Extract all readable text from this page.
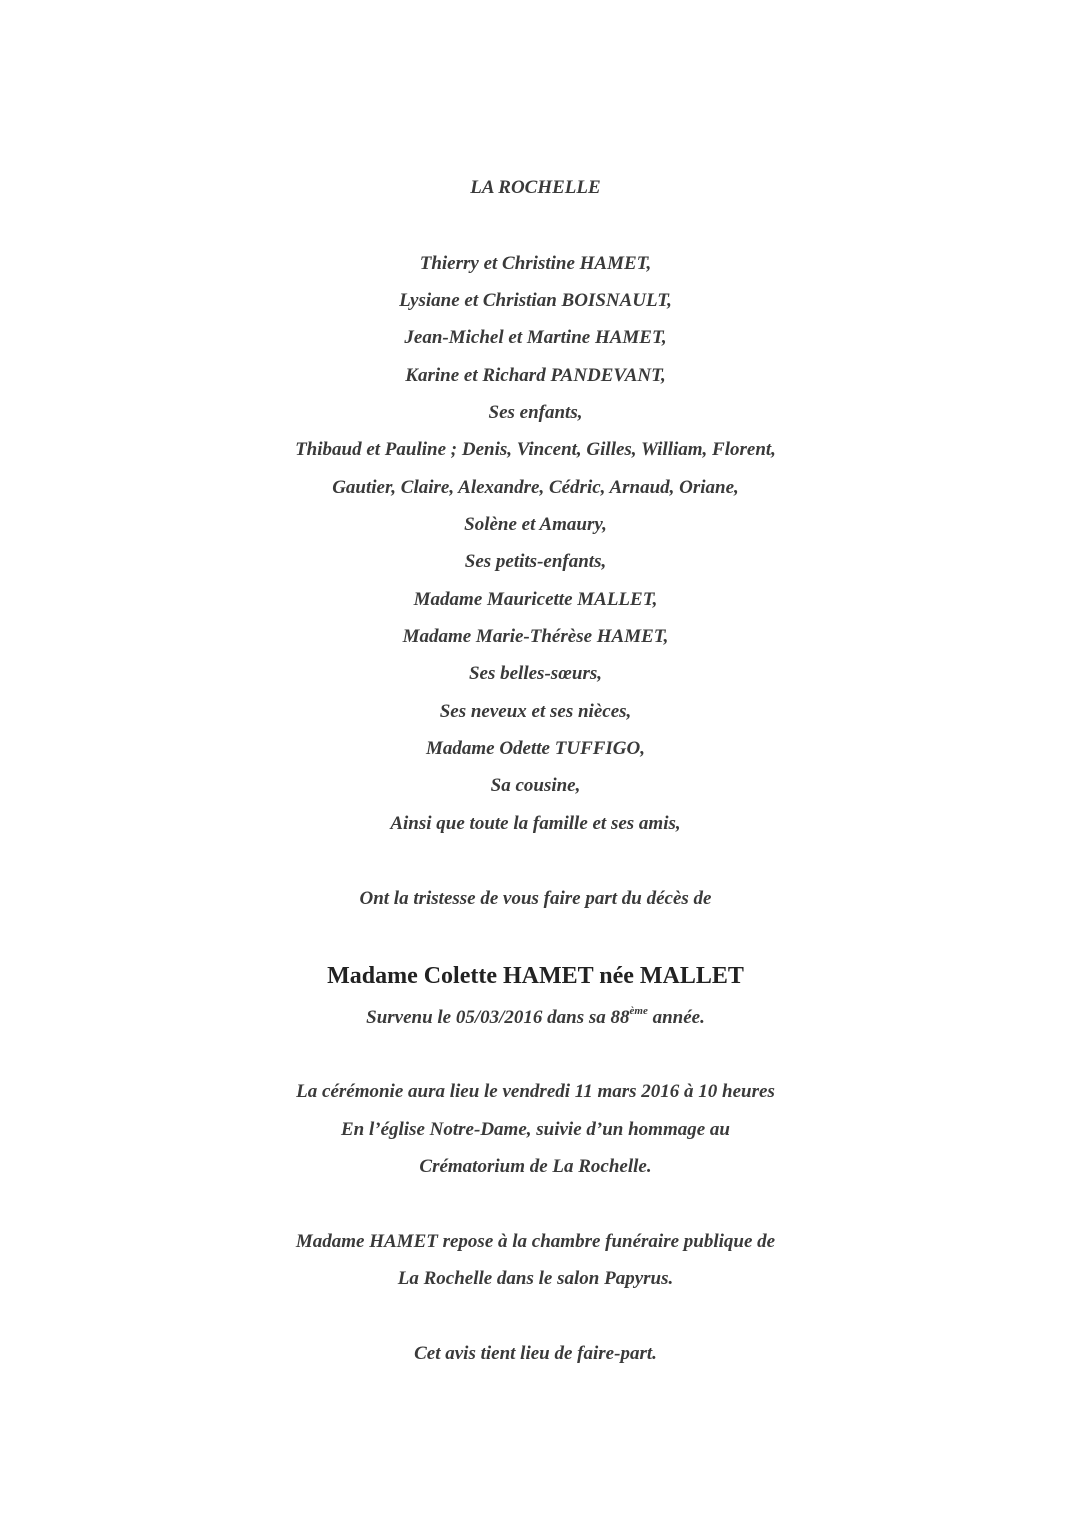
LA ROCHELLE
Thierry et Christine HAMET,
Lysiane et Christian BOISNAULT,
Jean-Michel et Martine HAMET,
Karine et Richard PANDEVANT,
Ses enfants,
Thibaud et Pauline ; Denis, Vincent, Gilles, William, Florent,
Gautier, Claire, Alexandre, Cédric, Arnaud, Oriane,
Solène et Amaury,
Ses petits-enfants,
Madame Mauricette MALLET,
Madame Marie-Thérèse HAMET,
Ses belles-sœurs,
Ses neveux et ses nièces,
Madame Odette TUFFIGO,
Sa cousine,
Ainsi que toute la famille et ses amis,
Ont la tristesse de vous faire part du décès de
Madame Colette HAMET née MALLET
Survenu le 05/03/2016 dans sa 88ème année.
La cérémonie aura lieu le vendredi 11 mars 2016 à 10 heures
En l’église Notre-Dame, suivie d’un hommage au
Crématorium de La Rochelle.
Madame HAMET repose à la chambre funéraire publique de
La Rochelle dans le salon Papyrus.
Cet avis tient lieu de faire-part.
